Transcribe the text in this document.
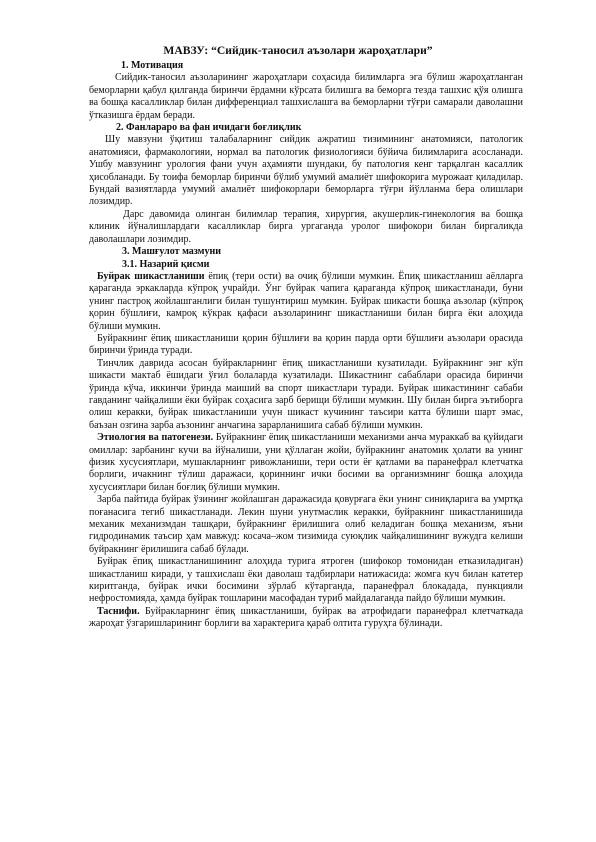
МАВЗУ: “Сийдик-таносил аъзолари жароҳатлари”

1. Мотивация

Сийдик-таносил аъзоларининг жароҳатлари соҳасида билимларга эга бўлиш жароҳатланган беморларни қабул қилганда биринчи ёрдамни кўрсата билишга ва беморга тезда ташхис қўя олишга ва бошқа касалликлар билан дифференциал ташхислашга ва беморларни тўғри самарали даволашни ўтказишга ёрдам беради.

2. Фанлараро ва фан ичидаги боғлиқлик

Шу мавзуни ўқитиш талабаларнинг сийдик ажратиш тизимининг анатомияси, патологик анатомияси, фармакологияи, нормал ва патологик физиологияси бўйича билимларига асосланади. Ушбу мавзунинг урология фани учун аҳамияти шундаки, бу патология кенг тарқалган касаллик ҳисобланади. Бу тоифа беморлар биринчи бўлиб умумий амалиёт шифокорига мурожаат қиладилар. Бундай вазиятларда умумий амалиёт шифокорлари беморларга тўғри йўлланма бера олишлари лозимдир.

Дарс давомида олинган билимлар терапия, хирургия, акушерлик-гинекология ва бошқа клиник йўналишлардаги касалликлар бирга ургаганда уролог шифокори билан биргаликда даволашлари лозимдир.

3. Машғулот мазмуни

3.1. Назарий қисми

Буйрак шикастланиши ёпиқ (тери ости) ва очиқ бўлиши мумкин. Ёпиқ шикастланиш аёлларга қараганда эркакларда кўпроқ учрайди. Ўнг буйрак чапига қараганда кўпроқ шикастланади, буни унинг пастроқ жойлашганлиги билан тушунтириш мумкин. Буйрак шикасти бошқа аъзолар (кўпроқ қорин бўшлиғи, камроқ кўкрак қафаси аъзоларининг шикастланиши билан бирга ёки алоҳида бўлиши мумкин.

Буйракнинг ёпиқ шикастланиши қорин бўшлиғи ва қорин парда орти бўшлиғи аъзолари орасида биринчи ўринда туради.

Тинчлик даврида асосан буйракларнинг ёпиқ шикастланиши кузатилади. Буйракнинг энг кўп шикасти мактаб ёшидаги ўғил болаларда кузатилади. Шикастнинг сабаблари орасида биринчи ўринда кўча, иккинчи ўринда маиший ва спорт шикастлари туради. Буйрак шикастининг сабаби гавданинг чайқалиши ёки буйрак соҳасига зарб берищи бўлиши мумкин. Шу билан бирга эътиборга олиш керакки, буйрак шикастланиши учун шикаст кучининг таъсири катта бўлиши шарт эмас, баъзан озгина зарба аъзонинг анчагина зарарланишига сабаб бўлиши мумкин.

Этиология ва патогенези. Буйракнинг ёпиқ шикастланиши механизми анча мураккаб ва қуйидаги омиллар: зарбанинг кучи ва йўналиши, уни қўллаган жойи, буйракнинг анатомик ҳолати ва унинг физик хусусиятлари, мушакларнинг ривожланиши, тери ости ёғ қатлами ва паранефрал клетчатка борлиги, ичакнинг тўлиш даражаси, қориннинг ички босими ва организмнинг бошқа алоҳида хусусиятлари билан боғлиқ бўлиши мумкин.

Зарба пайтида буйрак ўзининг жойлашган даражасида қовурғага ёки унинг синиқларига ва умртқа поғанасига тегиб шикастланади. Лекин шуни унутмаслик керакки, буйракнинг шикастланишида механик механизмдан ташқари, буйракнинг ёрилишига олиб келадиган бошқа механизм, яъни гидродинамик таъсир ҳам мавжуд: косача–жом тизимида суюқлик чайқалишининг вужудга келиши буйракнинг ёрилишига сабаб бўлади.

Буйрак ёпиқ шикастланишининг алоҳида турига ятроген (шифокор томонидан етказиладиган) шикастланиш киради, у ташхислаш ёки даволаш тадбирлари натижасида: жомга куч билан катетер киритганда, буйрак ички босимини зўрлаб кўтарганда, паранефрал блокадада, пункцияли нефростомияда, ҳамда буйрак тошларини масофадан туриб майдалаганда пайдо бўлиши мумкин.

Таснифи. Буйракларнинг ёпиқ шикастланиши, буйрак ва атрофидаги паранефрал клетчаткада жароҳат ўзгаришларининг борлиги ва характерига қараб олтита гуруҳга бўлинади.
